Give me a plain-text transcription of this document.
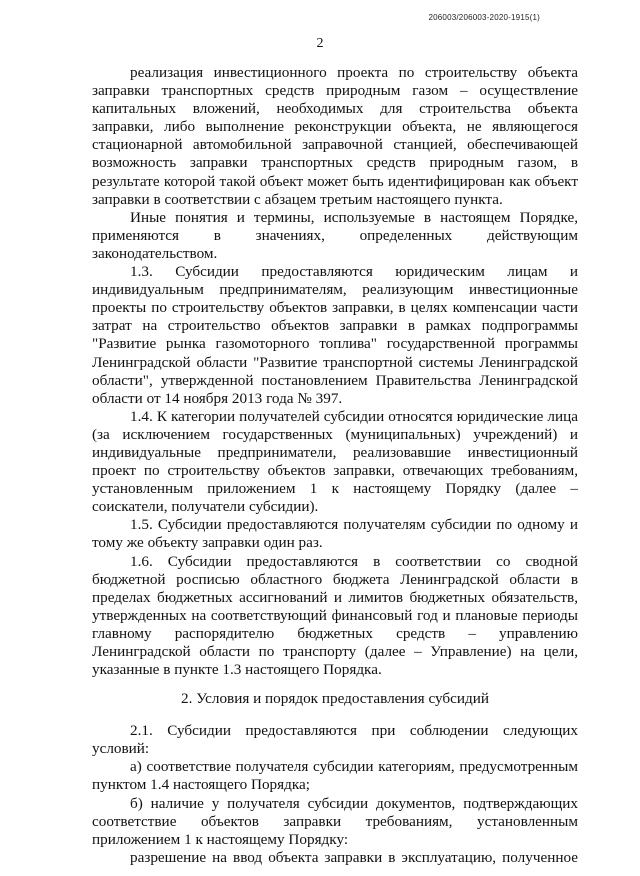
206003/206003-2020-1915(1)
2

реализация инвестиционного проекта по строительству объекта заправки транспортных средств природным газом – осуществление капитальных вложений, необходимых для строительства объекта заправки, либо выполнение реконструкции объекта, не являющегося стационарной автомобильной заправочной станцией, обеспечивающей возможность заправки транспортных средств природным газом, в результате которой такой объект может быть идентифицирован как объект заправки в соответствии с абзацем третьим настоящего пункта.

Иные понятия и термины, используемые в настоящем Порядке, применяются в значениях, определенных действующим законодательством.

1.3. Субсидии предоставляются юридическим лицам и индивидуальным предпринимателям, реализующим инвестиционные проекты по строительству объектов заправки, в целях компенсации части затрат на строительство объектов заправки в рамках подпрограммы "Развитие рынка газомоторного топлива" государственной программы Ленинградской области "Развитие транспортной системы Ленинградской области", утвержденной постановлением Правительства Ленинградской области от 14 ноября 2013 года № 397.

1.4. К категории получателей субсидии относятся юридические лица (за исключением государственных (муниципальных) учреждений) и индивидуальные предприниматели, реализовавшие инвестиционный проект по строительству объектов заправки, отвечающих требованиям, установленным приложением 1 к настоящему Порядку (далее – соискатели, получатели субсидии).

1.5. Субсидии предоставляются получателям субсидии по одному и тому же объекту заправки один раз.

1.6. Субсидии предоставляются в соответствии со сводной бюджетной росписью областного бюджета Ленинградской области в пределах бюджетных ассигнований и лимитов бюджетных обязательств, утвержденных на соответствующий финансовый год и плановые периоды главному распорядителю бюджетных средств – управлению Ленинградской области по транспорту (далее – Управление) на цели, указанные в пункте 1.3 настоящего Порядка.

2. Условия и порядок предоставления субсидий

2.1. Субсидии предоставляются при соблюдении следующих условий:

а) соответствие получателя субсидии категориям, предусмотренным пунктом 1.4 настоящего Порядка;

б) наличие у получателя субсидии документов, подтверждающих соответствие объектов заправки требованиям, установленным приложением 1 к настоящему Порядку:

разрешение на ввод объекта заправки в эксплуатацию, полученное
